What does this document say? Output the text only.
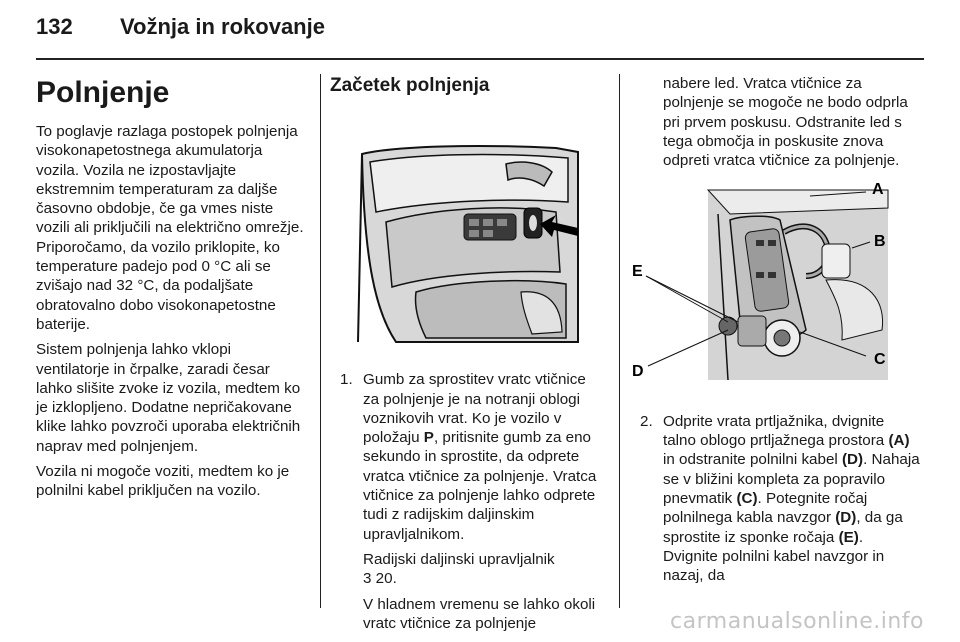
132 Vožnja in rokovanje
Polnjenje

To poglavje razlaga postopek polnjenja visokonapetostnega akumulatorja vozila. Vozila ne izpostavljajte ekstremnim temperaturam za daljše časovno obdobje, če ga vmes niste vozili ali priključili na električno omrežje. Priporočamo, da vozilo priklopite, ko temperature padejo pod 0 °C ali se zvišajo nad 32 °C, da podaljšate obratovalno dobo visokonapetostne baterije.

Sistem polnjenja lahko vklopi ventilatorje in črpalke, zaradi česar lahko slišite zvoke iz vozila, medtem ko je izklopljeno. Dodatne nepričakovane klike lahko povzroči uporaba električnih naprav med polnjenjem.

Vozila ni mogoče voziti, medtem ko je polnilni kabel priključen na vozilo.

Začetek polnjenja
1. Gumb za sprostitev vratc vtičnice za polnjenje je na notranji oblogi voznikovih vrat. Ko je vozilo v položaju P, pritisnite gumb za eno sekundo in sprostite, da odprete vratca vtičnice za polnjenje. Vratca vtičnice za polnjenje lahko odprete tudi z radijskim daljinskim upravljalnikom.
Radijski daljinski upravljalnik
3 20.
V hladnem vremenu se lahko okoli vratc vtičnice za polnjenje
nabere led. Vratca vtičnice za polnjenje se mogoče ne bodo odprla pri prvem poskusu. Odstranite led s tega območja in poskusite znova odpreti vratca vtičnice za polnjenje.
A
B
C
D
E
2. Odprite vrata prtljažnika, dvignite talno oblogo prtljažnega prostora (A) in odstranite polnilni kabel (D). Nahaja se v bližini kompleta za popravilo pnevmatik (C). Potegnite ročaj polnilnega kabla navzgor (D), da ga sprostite iz sponke ročaja (E). Dvignite polnilni kabel navzgor in nazaj, da
carmanualsonline.info
